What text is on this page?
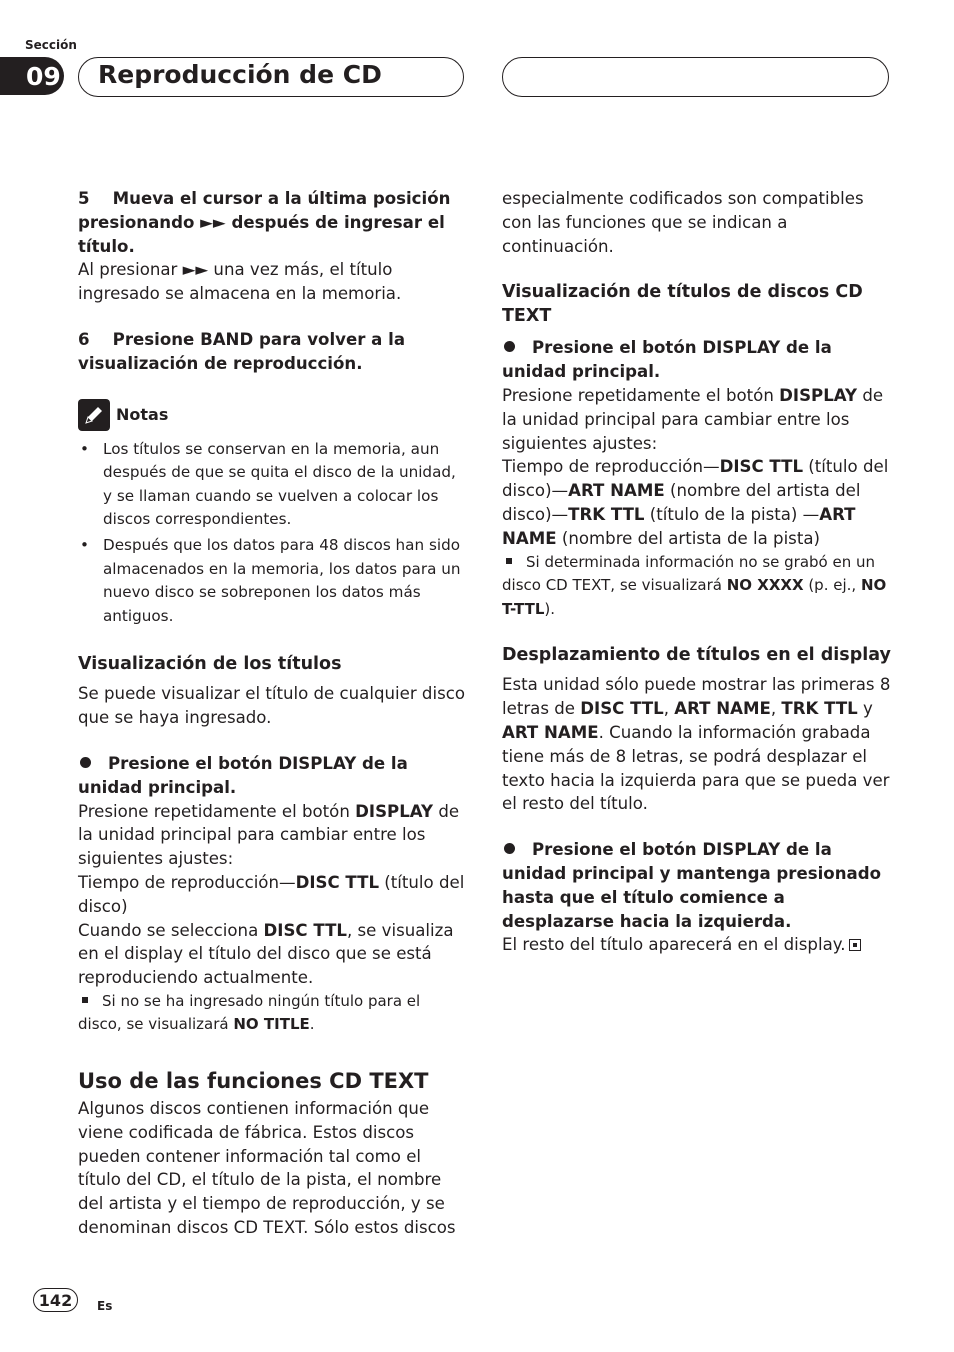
Sección
09 Reproducción de CD

5 Mueva el cursor a la última posición presionando ►► después de ingresar el título.

Al presionar ►► una vez más, el título ingresado se almacena en la memoria.

6 Presione BAND para volver a la visualización de reproducción.

Notas
• Los títulos se conservan en la memoria, aun después de que se quita el disco de la unidad, y se llaman cuando se vuelven a colocar los discos correspondientes.
• Después que los datos para 48 discos han sido almacenados en la memoria, los datos para un nuevo disco se sobreponen los datos más antiguos.
Visualización de los títulos

Se puede visualizar el título de cualquier disco que se haya ingresado.

Presione el botón DISPLAY de la unidad principal.

Presione repetidamente el botón DISPLAY de la unidad principal para cambiar entre los siguientes ajustes:

Tiempo de reproducción—DISC TTL (título del disco)

Cuando se selecciona DISC TTL, se visualiza en el display el título del disco que se está reproduciendo actualmente.

Si no se ha ingresado ningún título para el disco, se visualizará NO TITLE.

Uso de las funciones CD TEXT

Algunos discos contienen información que viene codificada de fábrica. Estos discos pueden contener información tal como el título del CD, el título de la pista, el nombre del artista y el tiempo de reproducción, y se denominan discos CD TEXT. Sólo estos discos

especialmente codificados son compatibles con las funciones que se indican a continuación.

Visualización de títulos de discos CD TEXT

Presione el botón DISPLAY de la unidad principal.

Presione repetidamente el botón DISPLAY de la unidad principal para cambiar entre los siguientes ajustes:

Tiempo de reproducción—DISC TTL (título del disco)—ART NAME (nombre del artista del disco)—TRK TTL (título de la pista) —ART NAME (nombre del artista de la pista)

Si determinada información no se grabó en un disco CD TEXT, se visualizará NO XXXX (p. ej., NO T-TTL).

Desplazamiento de títulos en el display

Esta unidad sólo puede mostrar las primeras 8 letras de DISC TTL, ART NAME, TRK TTL y ART NAME. Cuando la información grabada tiene más de 8 letras, se podrá desplazar el texto hacia la izquierda para que se pueda ver el resto del título.

Presione el botón DISPLAY de la unidad principal y mantenga presionado hasta que el título comience a desplazarse hacia la izquierda.

El resto del título aparecerá en el display.

142	Es
